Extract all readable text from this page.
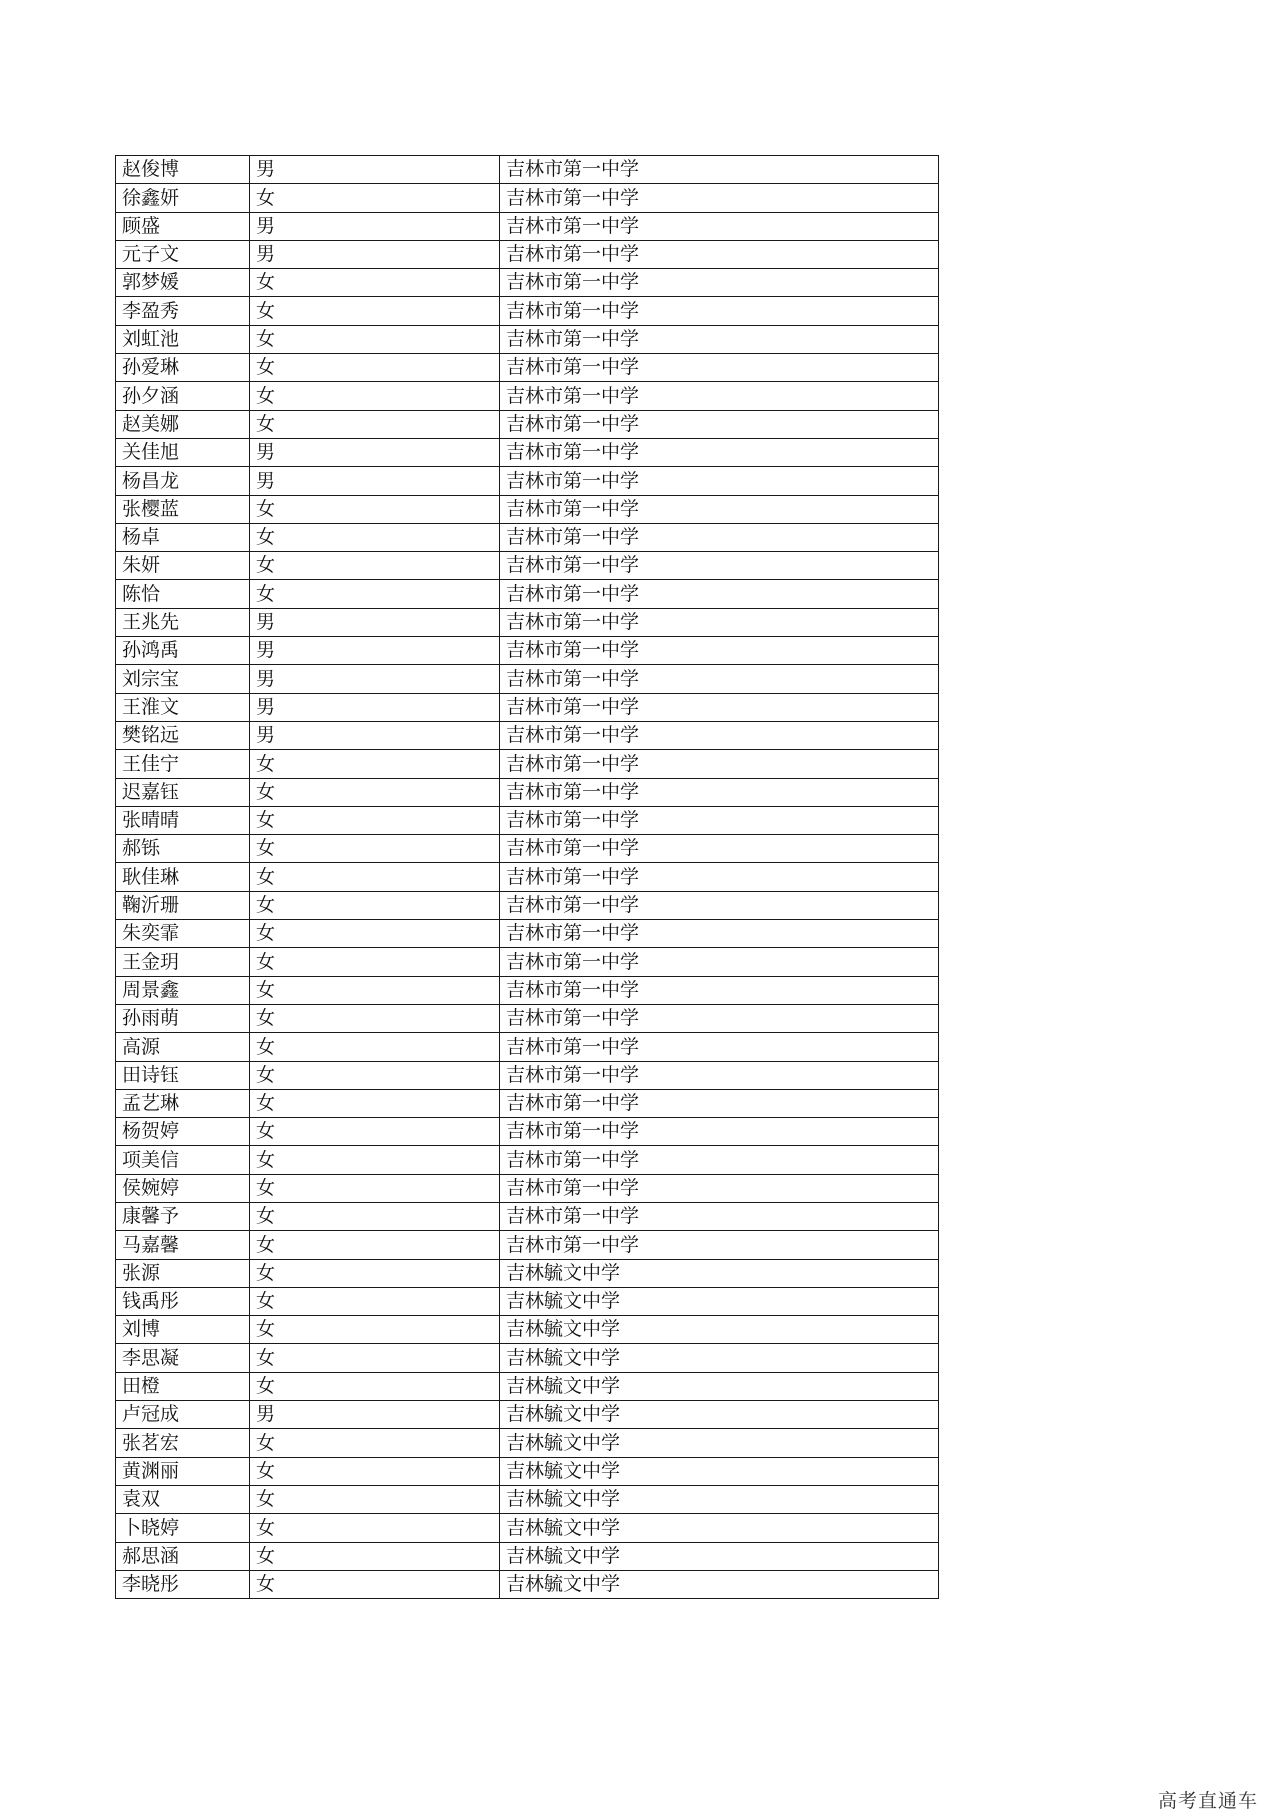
赵俊博	男	吉林市第一中学
徐鑫妍	女	吉林市第一中学
顾盛	男	吉林市第一中学
元子文	男	吉林市第一中学
郭梦媛	女	吉林市第一中学
李盈秀	女	吉林市第一中学
刘虹池	女	吉林市第一中学
孙爱琳	女	吉林市第一中学
孙夕涵	女	吉林市第一中学
赵美娜	女	吉林市第一中学
关佳旭	男	吉林市第一中学
杨昌龙	男	吉林市第一中学
张樱蓝	女	吉林市第一中学
杨卓	女	吉林市第一中学
朱妍	女	吉林市第一中学
陈恰	女	吉林市第一中学
王兆先	男	吉林市第一中学
孙鸿禹	男	吉林市第一中学
刘宗宝	男	吉林市第一中学
王淮文	男	吉林市第一中学
樊铭远	男	吉林市第一中学
王佳宁	女	吉林市第一中学
迟嘉钰	女	吉林市第一中学
张晴晴	女	吉林市第一中学
郝铄	女	吉林市第一中学
耿佳琳	女	吉林市第一中学
鞠沂珊	女	吉林市第一中学
朱奕霏	女	吉林市第一中学
王金玥	女	吉林市第一中学
周景鑫	女	吉林市第一中学
孙雨萌	女	吉林市第一中学
高源	女	吉林市第一中学
田诗钰	女	吉林市第一中学
孟艺琳	女	吉林市第一中学
杨贺婷	女	吉林市第一中学
项美信	女	吉林市第一中学
侯婉婷	女	吉林市第一中学
康馨予	女	吉林市第一中学
马嘉馨	女	吉林市第一中学
张源	女	吉林毓文中学
钱禹彤	女	吉林毓文中学
刘博	女	吉林毓文中学
李思凝	女	吉林毓文中学
田橙	女	吉林毓文中学
卢冠成	男	吉林毓文中学
张茗宏	女	吉林毓文中学
黄渊丽	女	吉林毓文中学
袁双	女	吉林毓文中学
卜晓婷	女	吉林毓文中学
郝思涵	女	吉林毓文中学
李晓彤	女	吉林毓文中学
高考直通车
